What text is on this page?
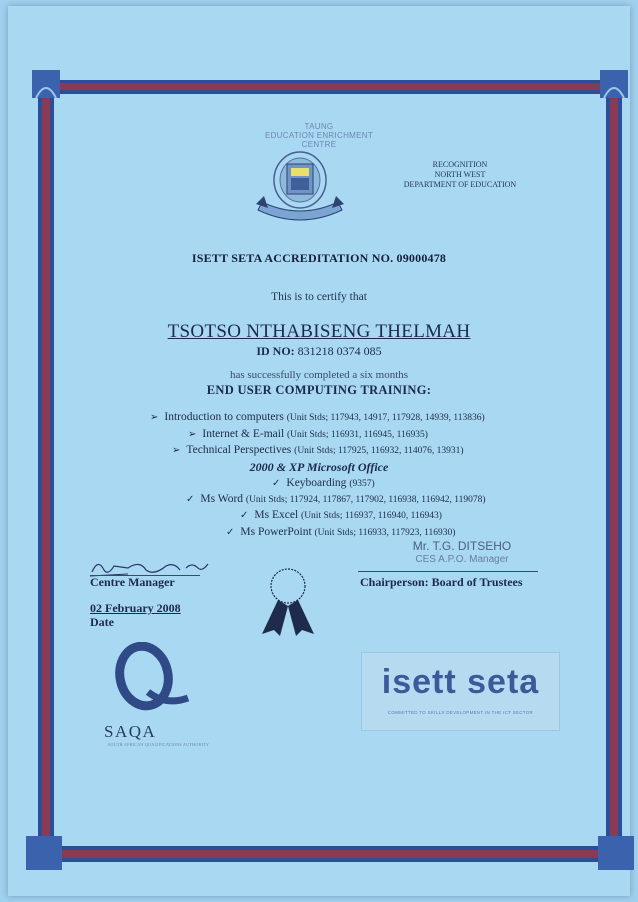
TAUNG
EDUCATION ENRICHMENT
CENTRE
RECOGNITION
NORTH WEST
DEPARTMENT OF EDUCATION
ISETT SETA ACCREDITATION NO. 09000478
This is to certify that
TSOTSO NTHABISENG THELMAH
ID NO: 831218 0374 085
has successfully completed a six months
END USER COMPUTING TRAINING:
➢ Introduction to computers (Unit Stds; 117943, 14917, 117928, 14939, 113836)
➢ Internet & E-mail (Unit Stds; 116931, 116945, 116935)
➢ Technical Perspectives (Unit Stds; 117925, 116932, 114076, 13931)
2000 & XP Microsoft Office
✓ Keyboarding (9357)
✓ Ms Word (Unit Stds; 117924, 117867, 117902, 116938, 116942, 119078)
✓ Ms Excel (Unit Stds; 116937, 116940, 116943)
✓ Ms PowerPoint (Unit Stds; 116933, 117923, 116930)
Mr. T.G. DITSEHO
CES A.P.O. Manager
Centre Manager	Chairperson: Board of Trustees
02 February 2008
Date
SAQA
SOUTH AFRICAN QUALIFICATIONS AUTHORITY
isett seta
COMMITTED TO SKILLS DEVELOPMENT IN THE ICT SECTOR
